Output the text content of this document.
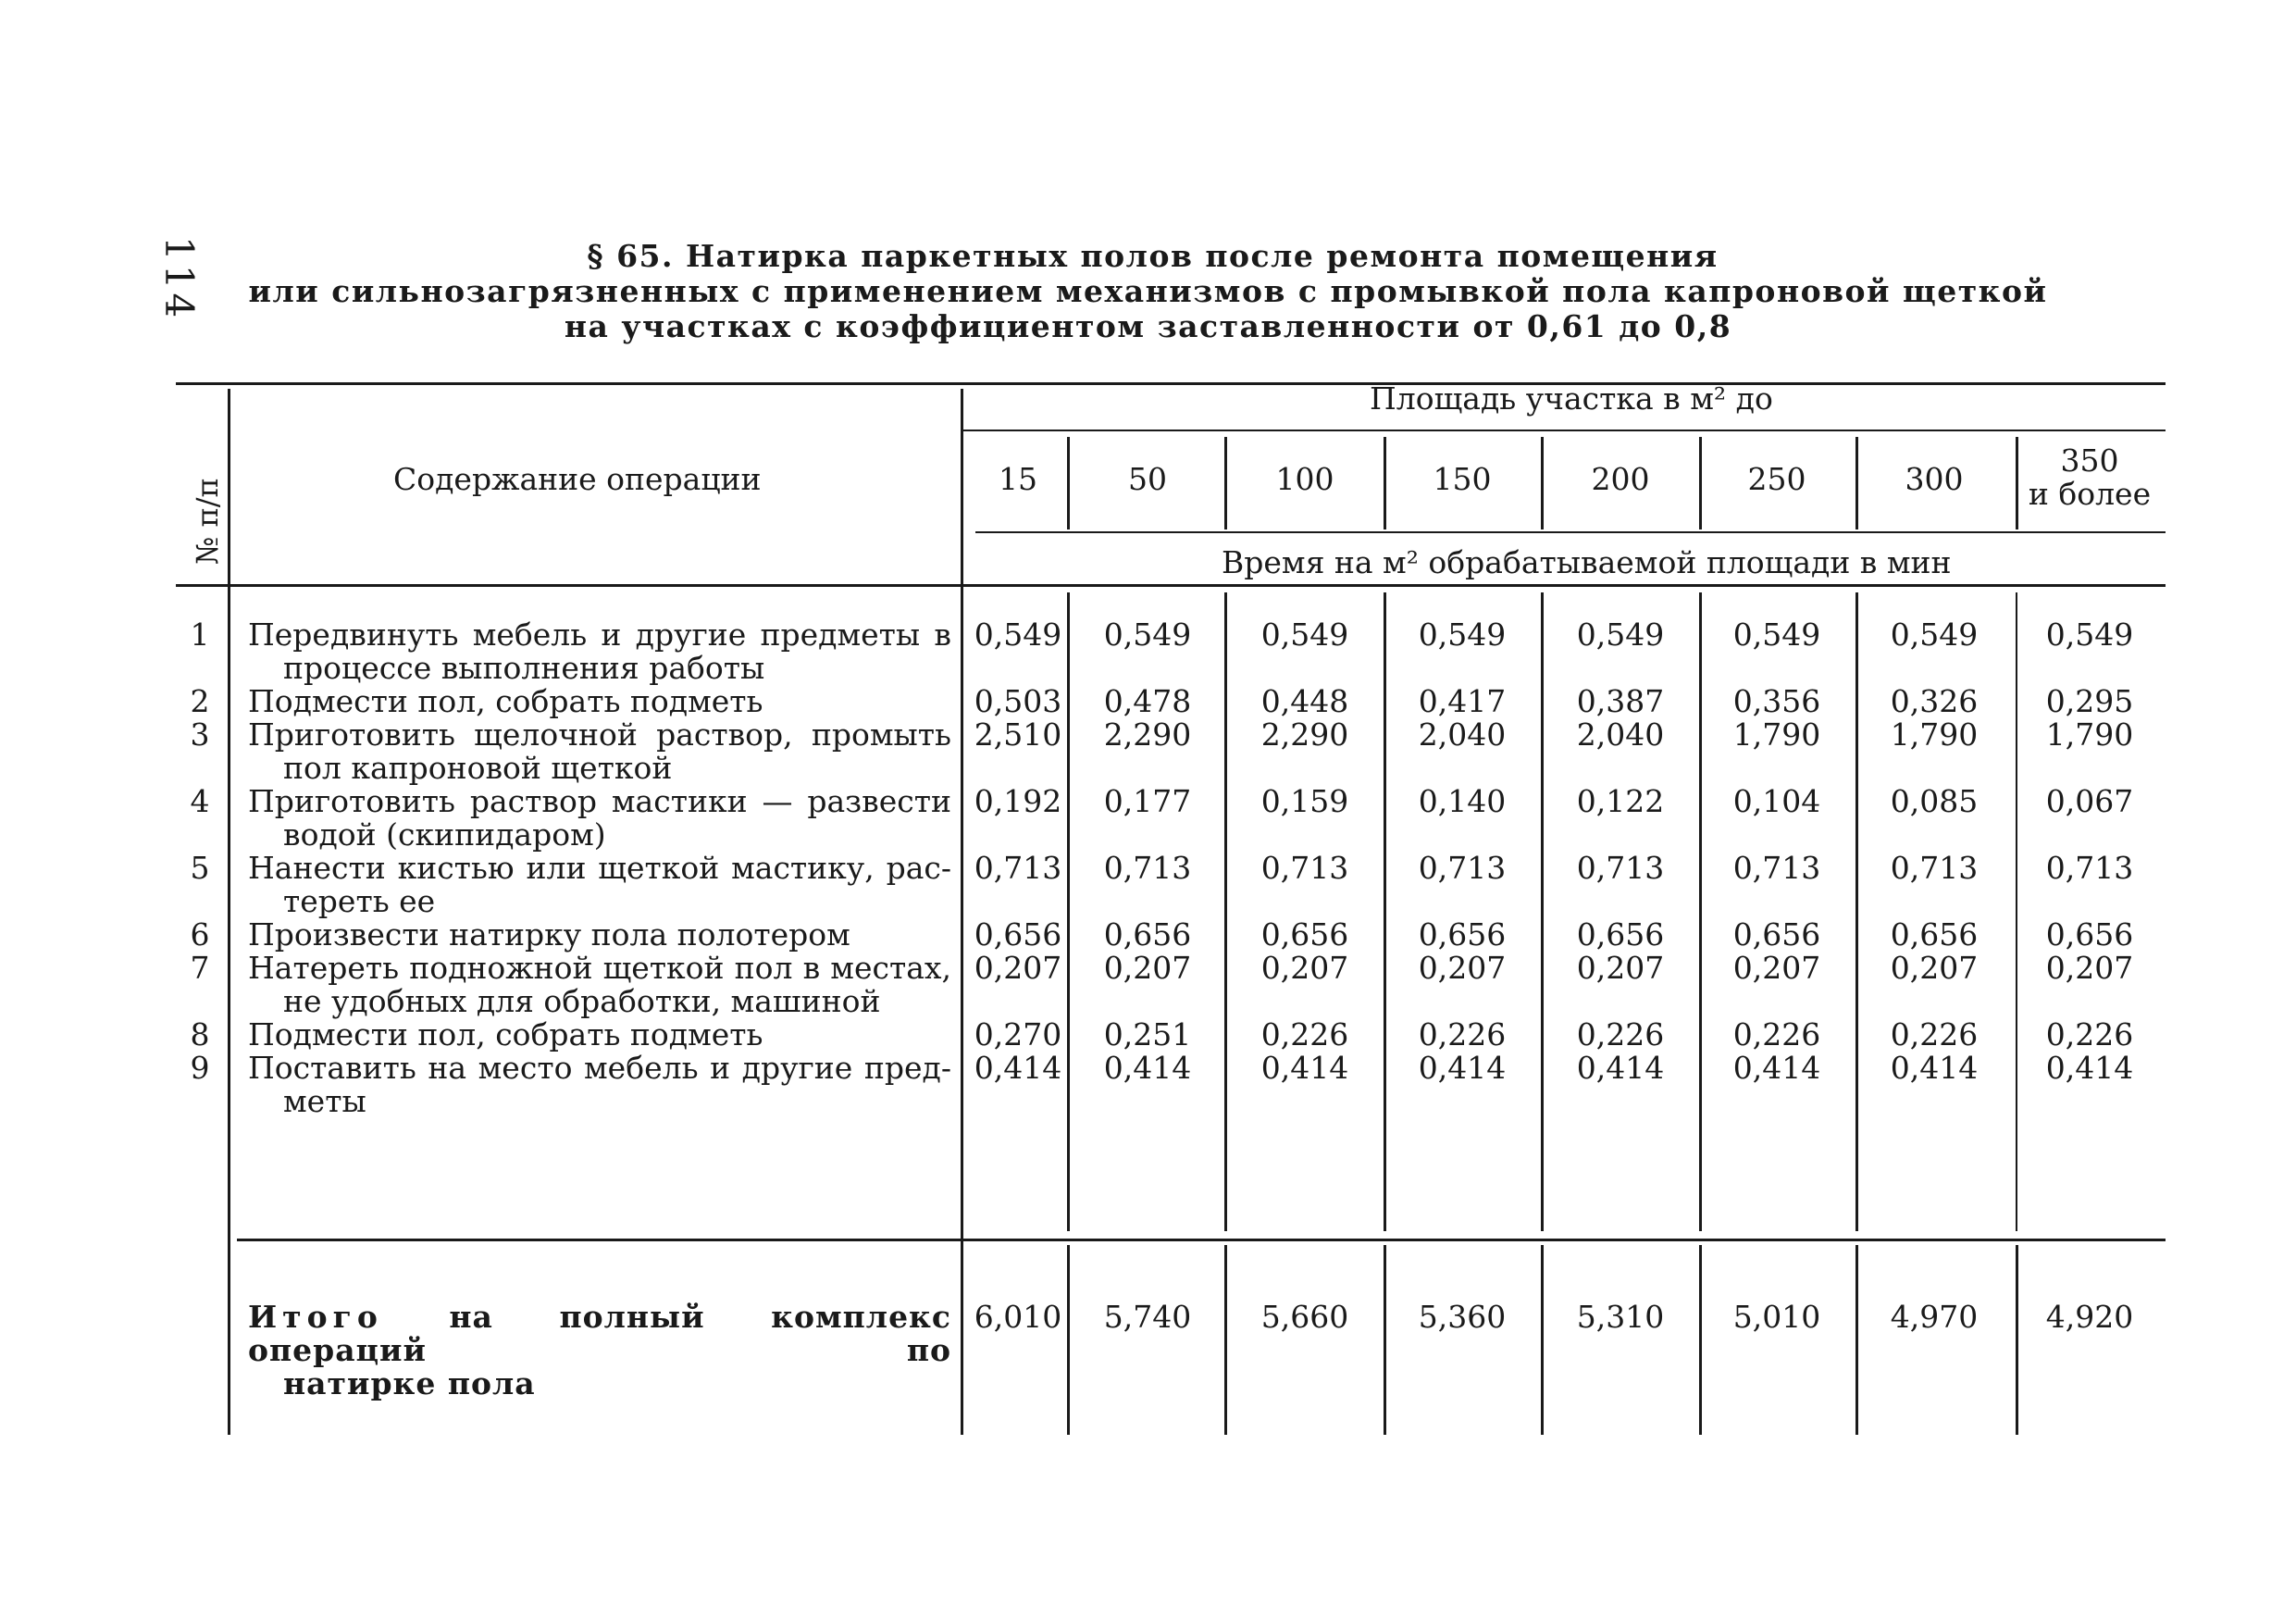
114	§ 65. Натирка паркетных полов после ремонта помещения
или сильнозагрязненных с применением механизмов с промывкой пола капроновой щеткой
на участках с коэффициентом заставленности от 0,61 до 0,8
№ п/п	Содержание операции
Площадь участка в м² до
Время на м² обрабатываемой площади в мин
15	50	100	150	200	250	300
350
и более
1 Передвинуть мебель и другие предметы в
процессе выполнения работы
0,549	0,549	0,549	0,549	0,549	0,549	0,549	0,549
2 Подмести пол, собрать подметь	0,503	0,478	0,448	0,417	0,387	0,356	0,326	0,295
3 Приготовить щелочной раствор, промыть
пол капроновой щеткой
2,510	2,290	2,290	2,040	2,040	1,790	1,790	1,790
4 Приготовить раствор мастики — развести
водой (скипидаром)
0,192	0,177	0,159	0,140	0,122	0,104	0,085	0,067
5 Нанести кистью или щеткой мастику, рас-
тереть ее
0,713	0,713	0,713	0,713	0,713	0,713	0,713	0,713
6 Произвести натирку пола полотером	0,656	0,656	0,656	0,656	0,656	0,656	0,656	0,656
7 Натереть подножной щеткой пол в местах,
не удобных для обработки, машиной
0,207	0,207	0,207	0,207	0,207	0,207	0,207	0,207
8 Подмести пол, собрать подметь	0,270	0,251	0,226	0,226	0,226	0,226	0,226	0,226
9 Поставить на место мебель и другие пред-
меты
0,414	0,414	0,414	0,414	0,414	0,414	0,414	0,414
Итого на полный комплекс операций по
натирке пола
6,010	5,740	5,660	5,360	5,310	5,010	4,970	4,920
